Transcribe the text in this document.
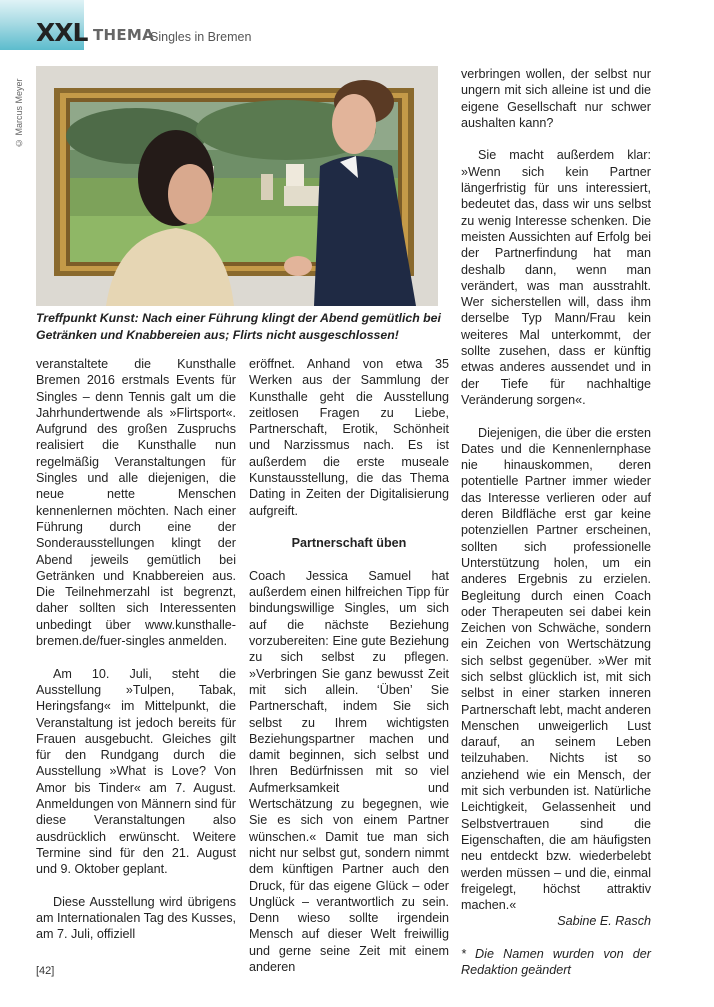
XXL THEMA
Singles in Bremen
© Marcus Meyer
Treffpunkt Kunst: Nach einer Führung klingt der Abend gemütlich bei Getränken und Knabbereien aus; Flirts nicht ausgeschlossen!

veranstaltete die Kunsthalle Bremen 2016 erstmals Events für Singles – denn Tennis galt um die Jahrhundertwende als »Flirtsport«. Aufgrund des großen Zuspruchs realisiert die Kunsthalle nun regelmäßig Veranstaltungen für Singles und alle diejenigen, die neue nette Menschen kennenlernen möchten. Nach einer Führung durch eine der Sonderausstellungen klingt der Abend jeweils gemütlich bei Getränken und Knabbereien aus. Die Teilnehmerzahl ist begrenzt, daher sollten sich Interessenten unbedingt über www.kunsthalle-bremen.de/fuer-singles anmelden.

Am 10. Juli, steht die Ausstellung »Tulpen, Tabak, Heringsfang« im Mittelpunkt, die Veranstaltung ist jedoch bereits für Frauen ausgebucht. Gleiches gilt für den Rundgang durch die Ausstellung »What is Love? Von Amor bis Tinder« am 7. August. Anmeldungen von Männern sind für diese Veranstaltungen also ausdrücklich erwünscht. Weitere Termine sind für den 21. August und 9. Oktober geplant.

Diese Ausstellung wird übrigens am Internationalen Tag des Kusses, am 7. Juli, offiziell

eröffnet. Anhand von etwa 35 Werken aus der Sammlung der Kunsthalle geht die Ausstellung zeitlosen Fragen zu Liebe, Partnerschaft, Erotik, Schönheit und Narzissmus nach. Es ist außerdem die erste museale Kunstausstellung, die das Thema Dating in Zeiten der Digitalisierung aufgreift.

Partnerschaft üben

Coach Jessica Samuel hat außerdem einen hilfreichen Tipp für bindungswillige Singles, um sich auf die nächste Beziehung vorzubereiten: Eine gute Beziehung zu sich selbst zu pflegen. »Verbringen Sie ganz bewusst Zeit mit sich allein. ‘Üben’ Sie Partnerschaft, indem Sie sich selbst zu Ihrem wichtigsten Beziehungspartner machen und damit beginnen, sich selbst und Ihren Bedürfnissen mit so viel Aufmerksamkeit und Wertschätzung zu begegnen, wie Sie es sich von einem Partner wünschen.« Damit tue man sich nicht nur selbst gut, sondern nimmt dem künftigen Partner auch den Druck, für das eigene Glück – oder Unglück – verantwortlich zu sein. Denn wieso sollte irgendein Mensch auf dieser Welt freiwillig und gerne seine Zeit mit einem anderen

verbringen wollen, der selbst nur ungern mit sich alleine ist und die eigene Gesellschaft nur schwer aushalten kann?

Sie macht außerdem klar: »Wenn sich kein Partner längerfristig für uns interessiert, bedeutet das, dass wir uns selbst zu wenig Interesse schenken. Die meisten Aussichten auf Erfolg bei der Partnerfindung hat man deshalb dann, wenn man verändert, was man ausstrahlt. Wer sicherstellen will, dass ihm derselbe Typ Mann/Frau kein weiteres Mal unterkommt, der sollte zusehen, dass er künftig etwas anderes aussendet und in der Tiefe für nachhaltige Veränderung sorgen«.

Diejenigen, die über die ersten Dates und die Kennenlernphase nie hinauskommen, deren potentielle Partner immer wieder das Interesse verlieren oder auf deren Bildfläche erst gar keine potenziellen Partner erscheinen, sollten sich professionelle Unterstützung holen, um ein anderes Ergebnis zu erzielen. Begleitung durch einen Coach oder Therapeuten sei dabei kein Zeichen von Schwäche, sondern ein Zeichen von Wertschätzung sich selbst gegenüber. »Wer mit sich selbst glücklich ist, mit sich selbst in einer starken inneren Partnerschaft lebt, macht anderen Menschen unweigerlich Lust darauf, an seinem Leben teilzuhaben. Nichts ist so anziehend wie ein Mensch, der mit sich verbunden ist. Natürliche Leichtigkeit, Gelassenheit und Selbstvertrauen sind die Eigenschaften, die am häufigsten neu entdeckt bzw. wiederbelebt werden müssen – und die, einmal freigelegt, höchst attraktiv machen.«

Sabine E. Rasch

* Die Namen wurden von der Redaktion geändert

[42]
